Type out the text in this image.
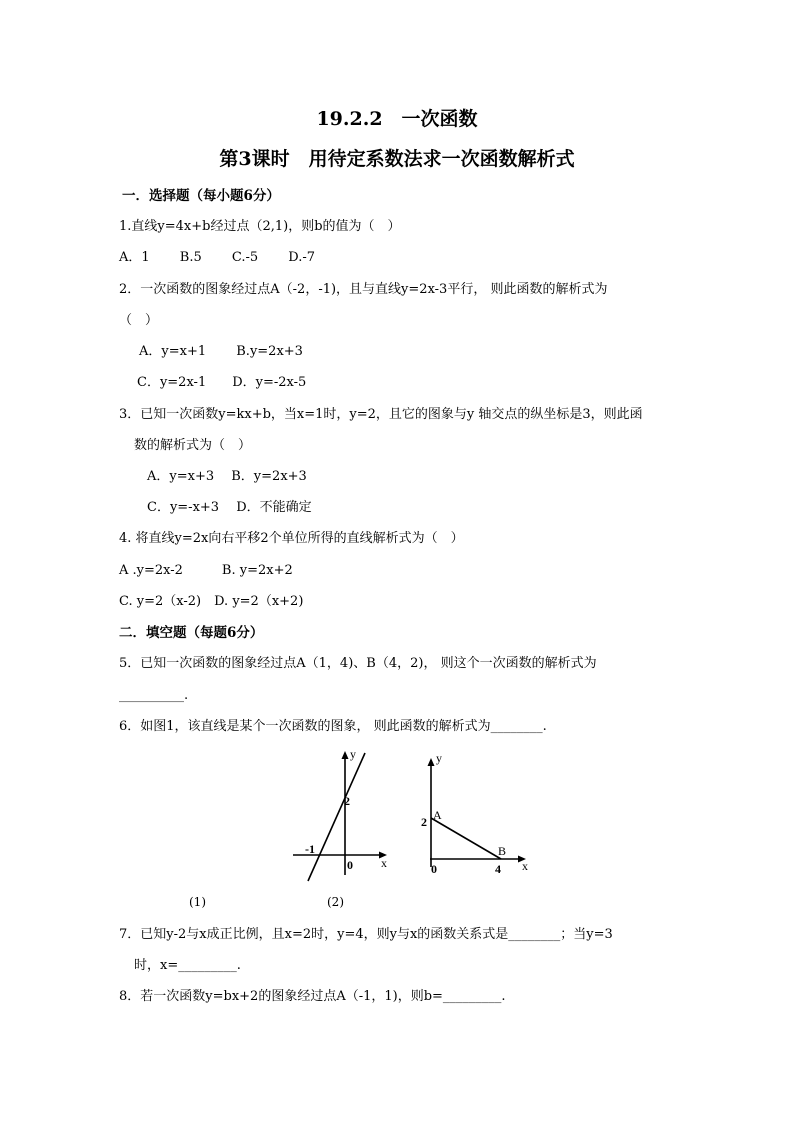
19.2.2　一次函数
第3课时　用待定系数法求一次函数解析式
一．选择题（每小题6分）
1.直线y=4x+b经过点（2,1)，则b的值为（　）
A．1　　 B.5　　 C.-5　　 D.-7
2．一次函数的图象经过点A（-2，-1)，且与直线y=2x-3平行， 则此函数的解析式为
（　）
A．y=x+1　　 B.y=2x+3
C．y=2x-1　　D．y=-2x-5
3．已知一次函数y=kx+b，当x=1时，y=2，且它的图象与y 轴交点的纵坐标是3，则此函
数的解析式为（　）
A．y=x+3　 B．y=2x+3
C．y=-x+3　 D．不能确定
4. 将直线y=2x向右平移2个单位所得的直线解析式为（　）
A .y=2x-2　　　B. y=2x+2
C. y=2（x-2)　D. y=2（x+2)
二．填空题（每题6分）
5．已知一次函数的图象经过点A（1，4)、B（4，2)， 则这个一次函数的解析式为
__________.
6．如图1，该直线是某个一次函数的图象， 则此函数的解析式为________.
y
x
2
-1
0
y
x
A
2
B
4
0
(1)	(2)
7．已知y-2与x成正比例，且x=2时，y=4，则y与x的函数关系式是________；当y=3
时，x=_________.
8．若一次函数y=bx+2的图象经过点A（-1，1)，则b=_________.
